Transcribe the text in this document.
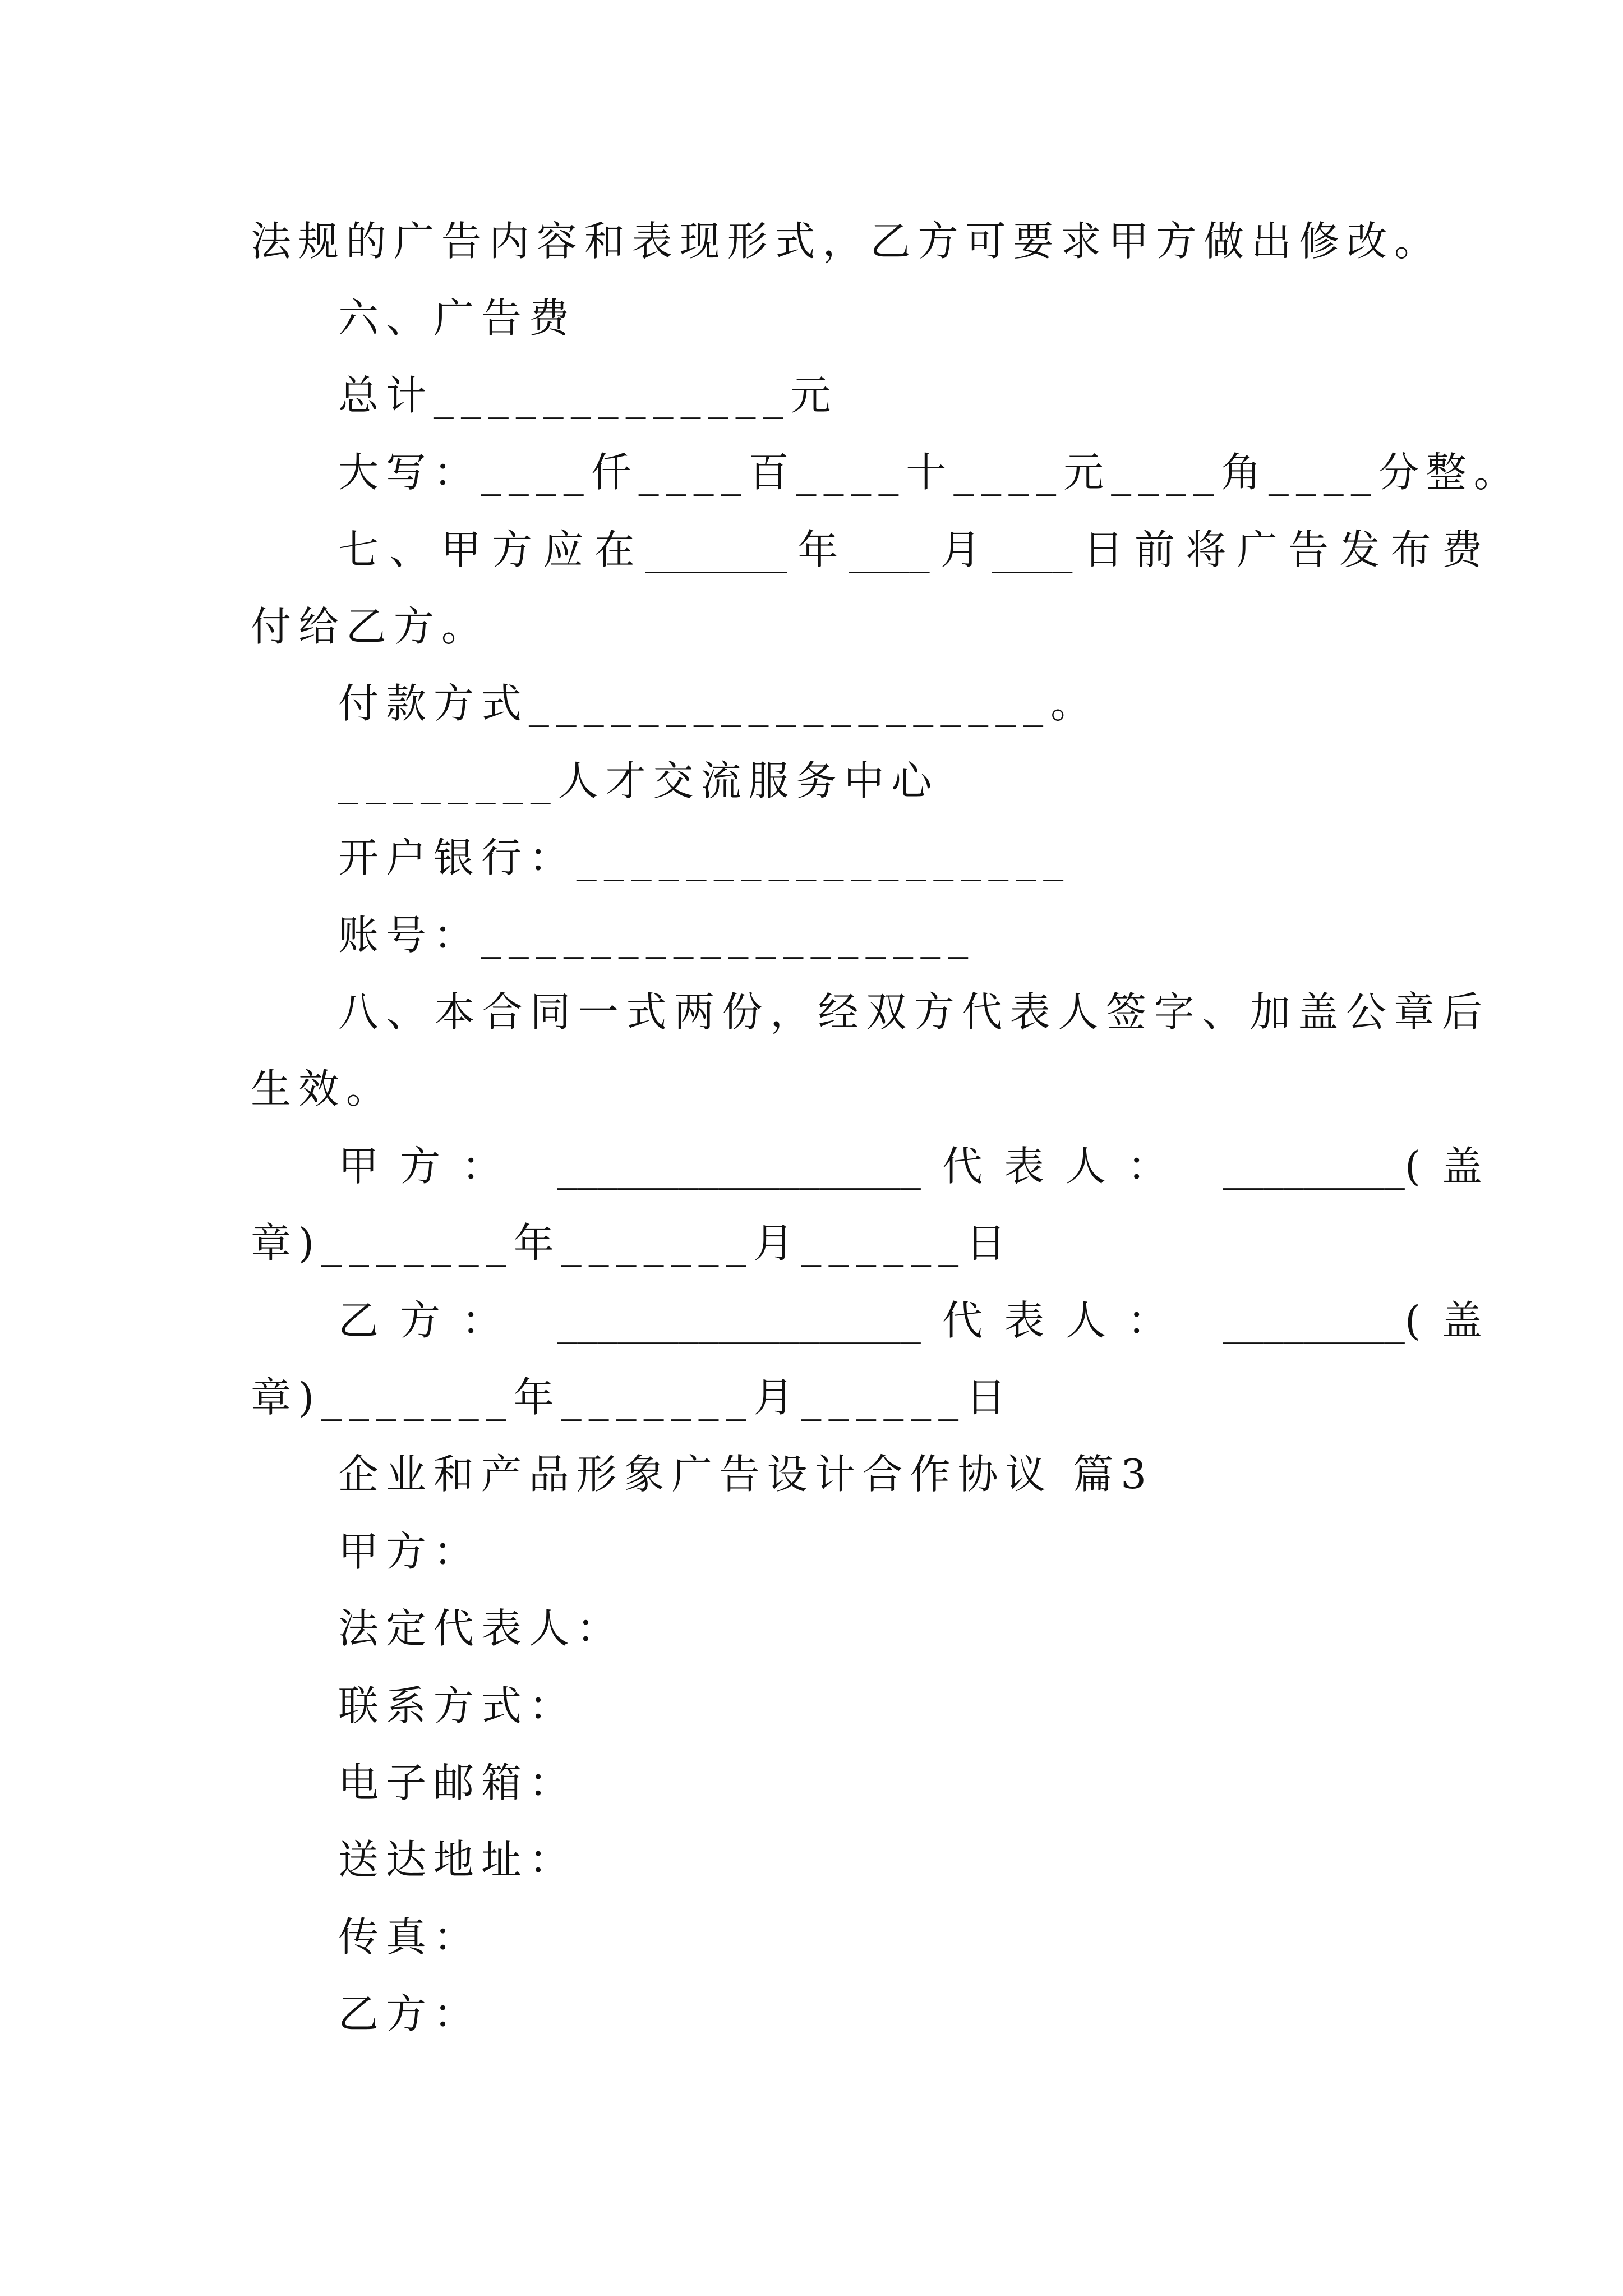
法规的广告内容和表现形式，乙方可要求甲方做出修改。
六、广告费
总计_____________元
大写：____仟____百____十____元____角____分整。
七、甲方应在_______年____月____日前将广告发布费
付给乙方。
付款方式___________________。
________人才交流服务中心
开户银行：__________________
账号：__________________
八、本合同一式两份，经双方代表人签字、加盖公章后
生效。
甲方： __________________代表人： _________(盖
章)_______年_______月______日
乙方： __________________代表人： _________(盖
章)_______年_______月______日
企业和产品形象广告设计合作协议 篇3
甲方：
法定代表人：
联系方式：
电子邮箱：
送达地址：
传真：
乙方：
